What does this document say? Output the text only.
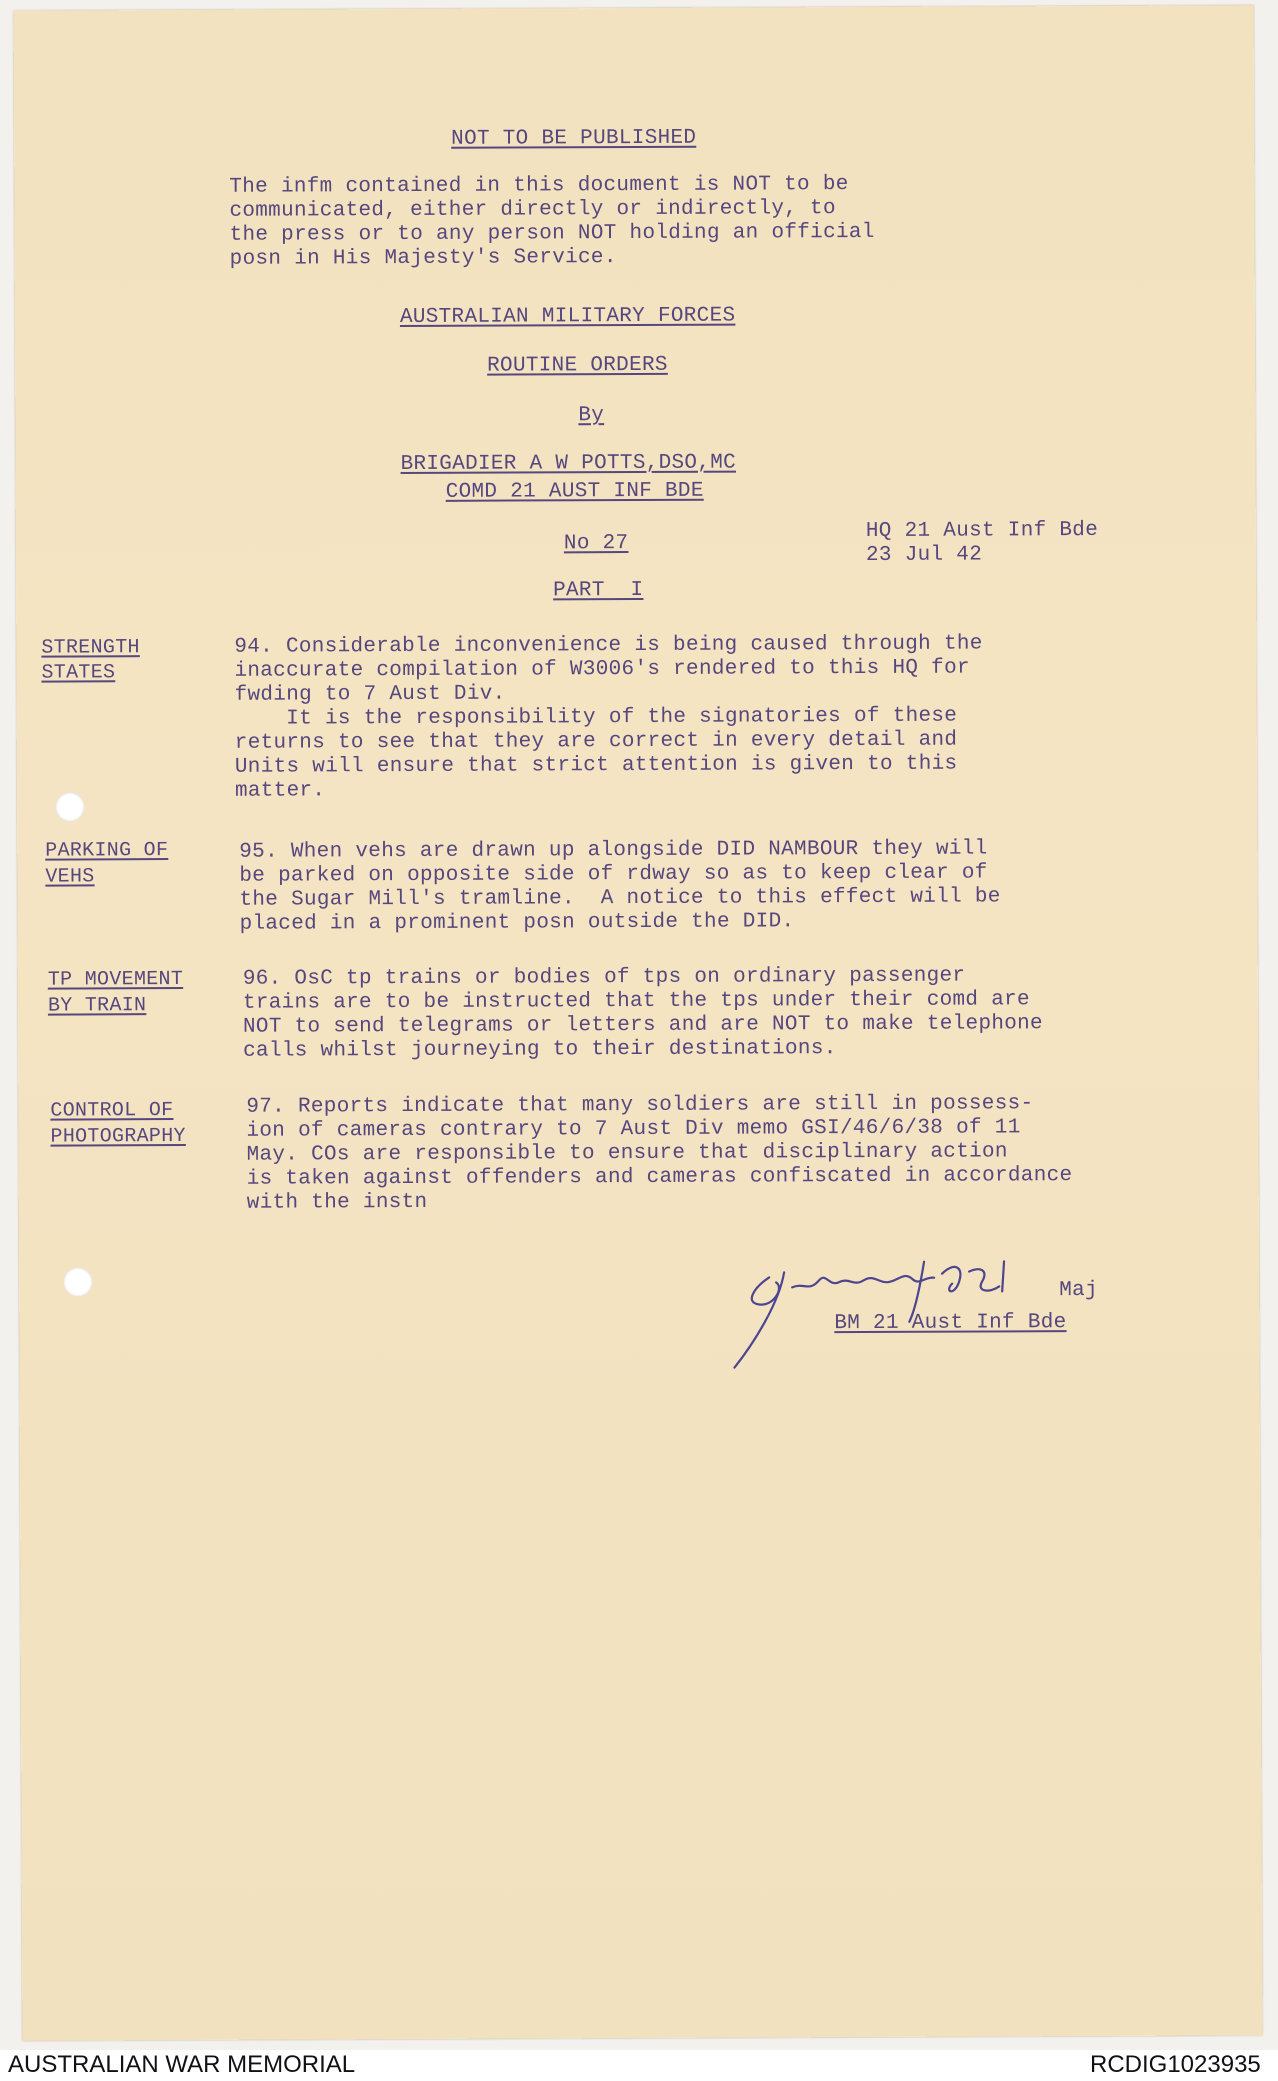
NOT TO BE PUBLISHED
The infm contained in this document is NOT to be
communicated, either directly or indirectly, to
the press or to any person NOT holding an official
posn in His Majesty's Service.
AUSTRALIAN MILITARY FORCES
ROUTINE ORDERS
By
BRIGADIER A W POTTS,DSO,MC
COMD 21 AUST INF BDE
No 27
HQ 21 Aust Inf Bde
23 Jul 42
PART  I
STRENGTH
STATES
94. Considerable inconvenience is being caused through the
inaccurate compilation of W3006's rendered to this HQ for
fwding to 7 Aust Div.
It is the responsibility of the signatories of these
returns to see that they are correct in every detail and
Units will ensure that strict attention is given to this
matter.
PARKING OF
VEHS
95. When vehs are drawn up alongside DID NAMBOUR they will
be parked on opposite side of rdway so as to keep clear of
the Sugar Mill's tramline.  A notice to this effect will be
placed in a prominent posn outside the DID.
TP MOVEMENT
BY TRAIN
96. OsC tp trains or bodies of tps on ordinary passenger
trains are to be instructed that the tps under their comd are
NOT to send telegrams or letters and are NOT to make telephone
calls whilst journeying to their destinations.
CONTROL OF
PHOTOGRAPHY
97. Reports indicate that many soldiers are still in possess-
ion of cameras contrary to 7 Aust Div memo GSI/46/6/38 of 11
May. COs are responsible to ensure that disciplinary action
is taken against offenders and cameras confiscated in accordance
with the instn
Maj
BM 21 Aust Inf Bde
AUSTRALIAN WAR MEMORIAL	RCDIG1023935
